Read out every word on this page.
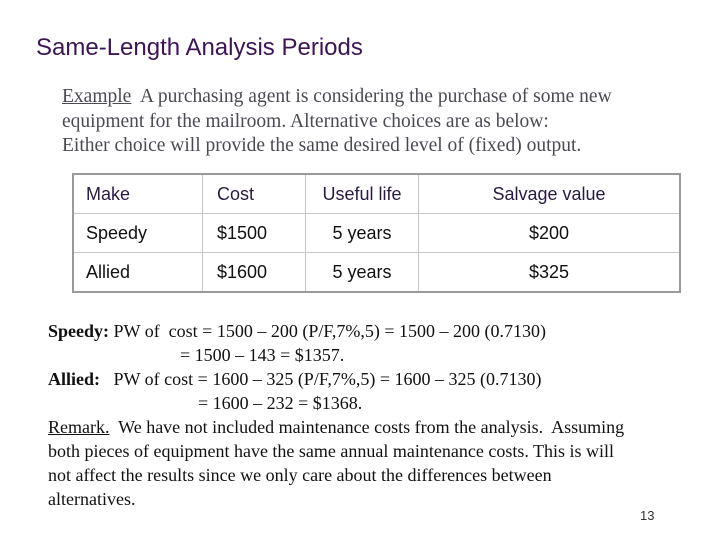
Same-Length Analysis Periods
Example  A purchasing agent is considering the purchase of some new
equipment for the mailroom. Alternative choices are as below:
Either choice will provide the same desired level of (fixed) output.
Make	Cost	Useful life	Salvage value
Speedy	$1500	5 years	$200
Allied	$1600	5 years	$325
Speedy: PW of  cost = 1500 – 200 (P/F,7%,5) = 1500 – 200 (0.7130)
= 1500 – 143 = $1357.
Allied:   PW of cost = 1600 – 325 (P/F,7%,5) = 1600 – 325 (0.7130)
= 1600 – 232 = $1368.
Remark.  We have not included maintenance costs from the analysis.  Assuming
both pieces of equipment have the same annual maintenance costs. This is will
not affect the results since we only care about the differences between
alternatives.
13
